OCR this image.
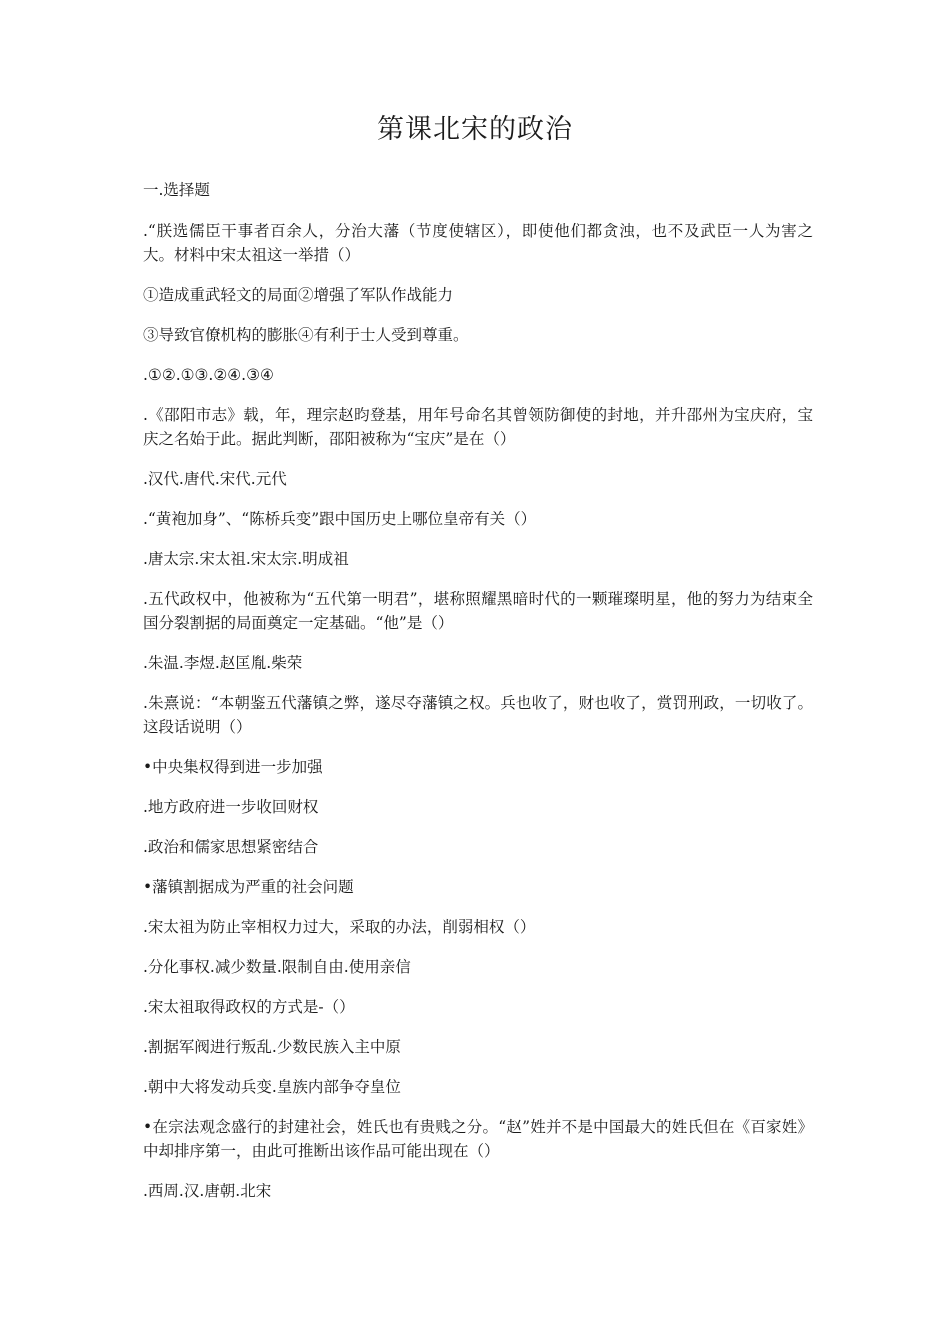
第课北宋的政治

一.选择题

.“朕选儒臣干事者百余人，分治大藩（节度使辖区），即使他们都贪浊，也不及武臣一人为害之大。材料中宋太祖这一举措（）

①造成重武轻文的局面②增强了军队作战能力

③导致官僚机构的膨胀④有利于士人受到尊重。

.①②.①③.②④.③④

.《邵阳市志》载，年，理宗赵昀登基，用年号命名其曾领防御使的封地，并升邵州为宝庆府，宝庆之名始于此。据此判断，邵阳被称为“宝庆”是在（）

.汉代.唐代.宋代.元代

.“黄袍加身”、“陈桥兵变”跟中国历史上哪位皇帝有关（）

.唐太宗.宋太祖.宋太宗.明成祖

.五代政权中，他被称为“五代第一明君”，堪称照耀黑暗时代的一颗璀璨明星，他的努力为结束全国分裂割据的局面奠定一定基础。“他”是（）

.朱温.李煜.赵匡胤.柴荣

.朱熹说：“本朝鉴五代藩镇之弊，遂尽夺藩镇之权。兵也收了，财也收了，赏罚刑政，一切收了。这段话说明（）

•中央集权得到进一步加强

.地方政府进一步收回财权

.政治和儒家思想紧密结合

•藩镇割据成为严重的社会问题

.宋太祖为防止宰相权力过大，采取的办法，削弱相权（）

.分化事权.减少数量.限制自由.使用亲信

.宋太祖取得政权的方式是-（）

.割据军阀进行叛乱.少数民族入主中原

.朝中大将发动兵变.皇族内部争夺皇位

•在宗法观念盛行的封建社会，姓氏也有贵贱之分。“赵”姓并不是中国最大的姓氏但在《百家姓》中却排序第一，由此可推断出该作品可能出现在（）

.西周.汉.唐朝.北宋
